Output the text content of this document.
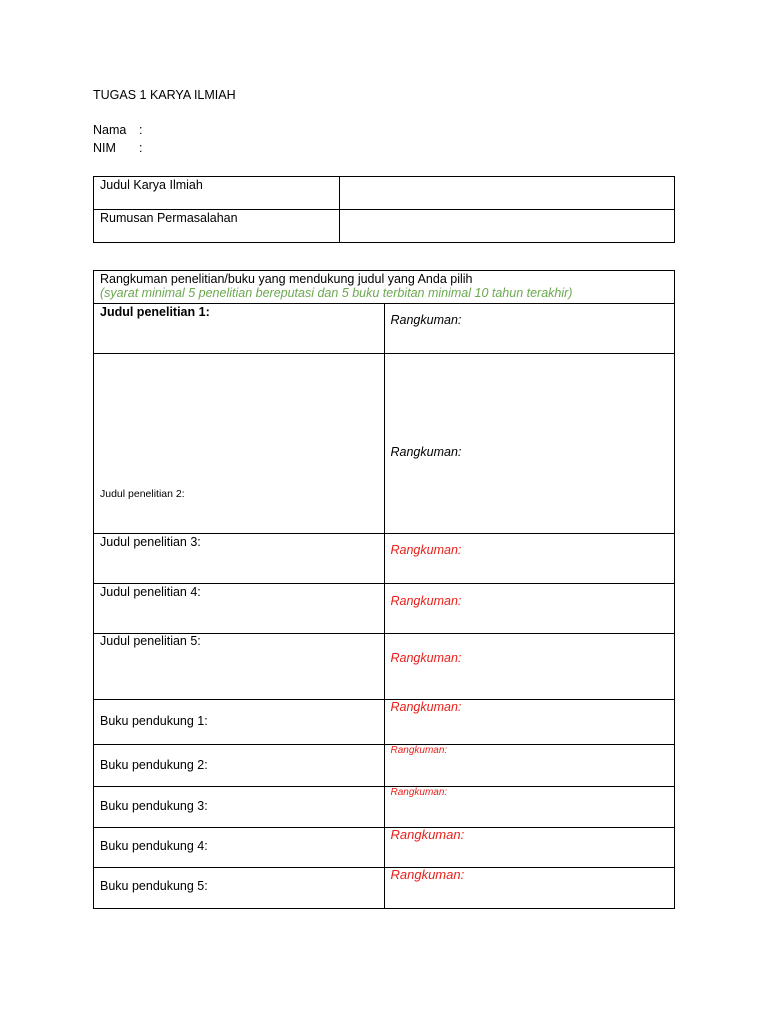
TUGAS 1 KARYA ILMIAH
Nama :
NIM :
Judul Karya Ilmiah	

Rumusan Permasalahan	

Rangkuman penelitian/buku yang mendukung judul yang Anda pilih
(syarat minimal 5 penelitian bereputasi dan 5 buku terbitan minimal 10 tahun terakhir)	

Judul penelitian 1:	Rangkuman:

Judul penelitian 2:	Rangkuman:

Judul penelitian 3:	Rangkuman:

Judul penelitian 4:	Rangkuman:

Judul penelitian 5:	Rangkuman:

Buku pendukung 1:	Rangkuman:

Buku pendukung 2:	Rangkuman:

Buku pendukung 3:	Rangkuman:

Buku pendukung 4:	Rangkuman:

Buku pendukung 5:	Rangkuman:
